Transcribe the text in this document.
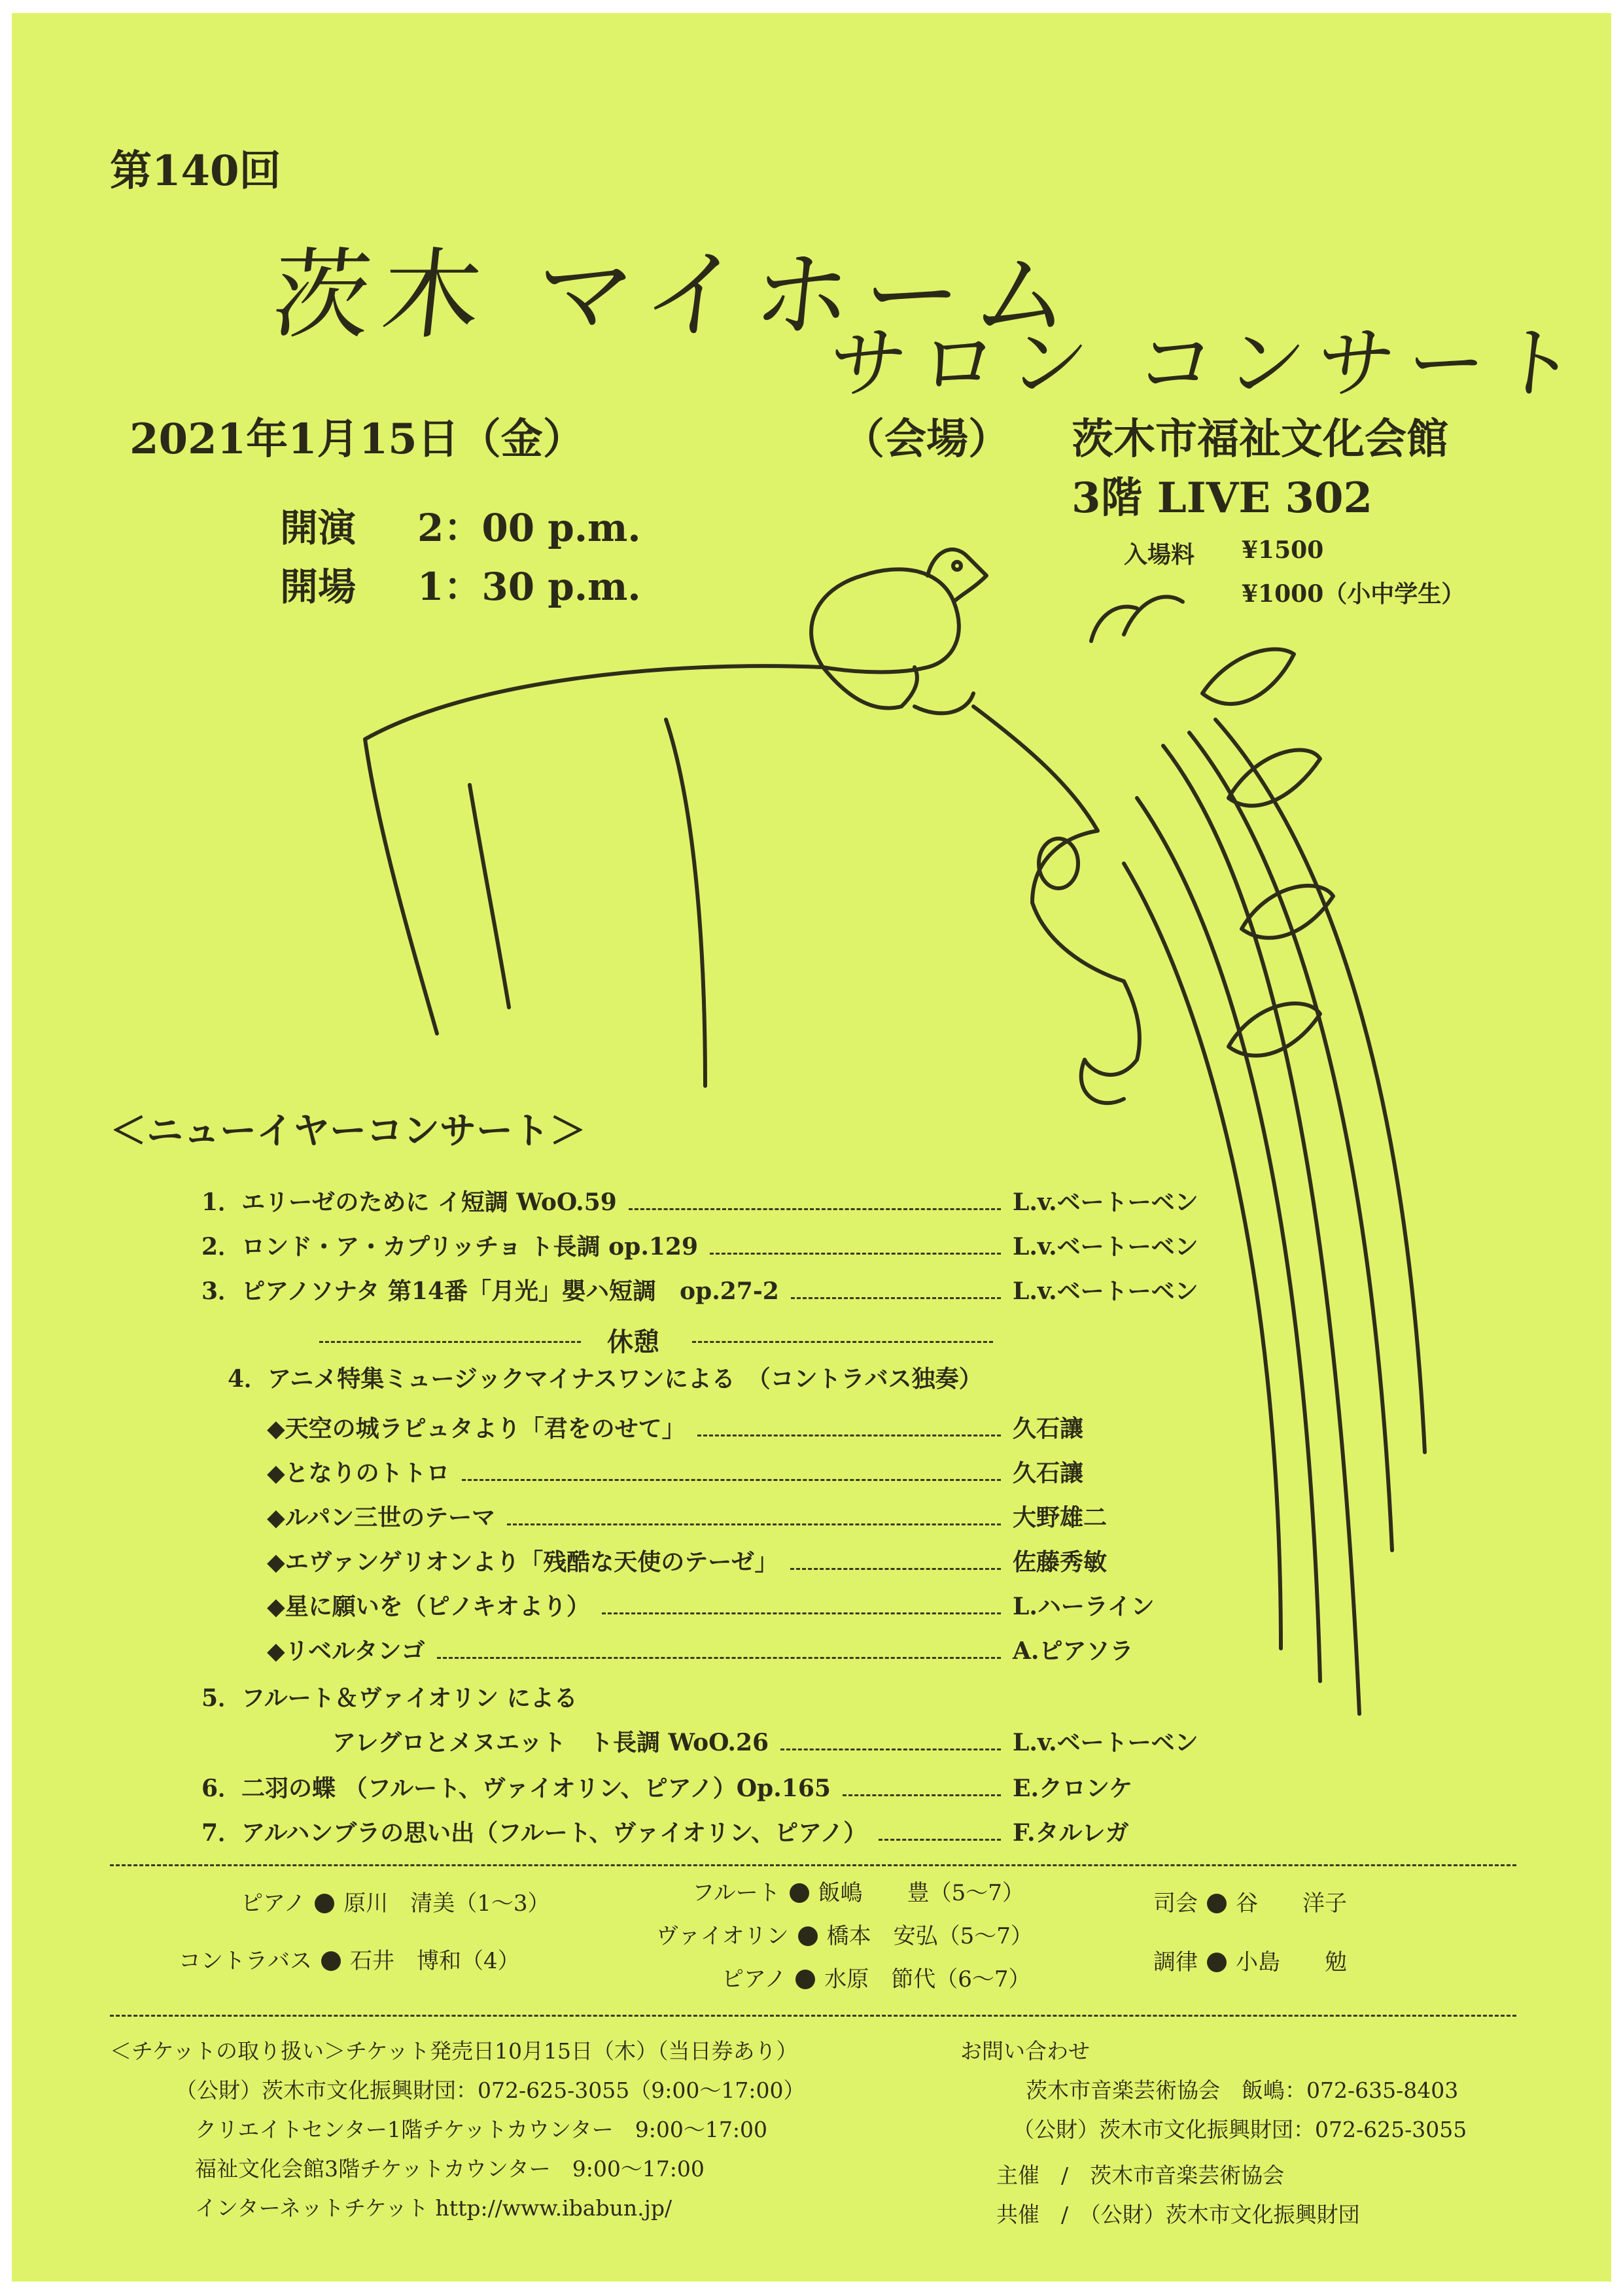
第140回
茨木 マイホーム
サロン コンサート
2021年1月15日（金）	（会場） 茨木市福祉文化会館
3階 LIVE 302
開演 2：00 p.m.
開場 1：30 p.m.
入場料 ¥1500
¥1000（小中学生）
＜ニューイヤーコンサート＞
1． エリーゼのために イ短調 WoO.59	L.v.ベートーベン
2． ロンド・ア・カプリッチョ ト長調 op.129	L.v.ベートーベン
3． ピアノソナタ 第14番「月光」嬰ハ短調　op.27-2	L.v.ベートーベン
休憩
4．アニメ特集ミュージックマイナスワンによる　（コントラバス独奏）
◆天空の城ラピュタより「君をのせて」	久石讓
◆となりのトトロ	久石讓
◆ルパン三世のテーマ	大野雄二
◆エヴァンゲリオンより「残酷な天使のテーゼ」	佐藤秀敏
◆星に願いを（ピノキオより）	L.ハーライン
◆リベルタンゴ	A.ピアソラ
5．フルート＆ヴァイオリン による
アレグロとメヌエット　ト長調 WoO.26	L.v.ベートーベン
6．二羽の蝶 （フルート、ヴァイオリン、ピアノ）Op.165	E.クロンケ
7．アルハンブラの思い出（フルート、ヴァイオリン、ピアノ）	F.タルレガ
ピアノ 原川　清美（1～3）
コントラバス 石井　博和（4）
フルート 飯嶋　　豊（5～7）
ヴァイオリン 橋本　安弘（5～7）
ピアノ 水原　節代（6～7）
司会 谷　　洋子
調律 小島　　勉
＜チケットの取り扱い＞チケット発売日10月15日（木）（当日券あり）
（公財）茨木市文化振興財団：072-625-3055（9:00～17:00）
クリエイトセンター1階チケットカウンター　9:00～17:00
福祉文化会館3階チケットカウンター　9:00～17:00
インターネットチケット http://www.ibabun.jp/
お問い合わせ
茨木市音楽芸術協会　飯嶋：072-635-8403
（公財）茨木市文化振興財団：072-625-3055
主催　/　茨木市音楽芸術協会
共催　/　（公財）茨木市文化振興財団
